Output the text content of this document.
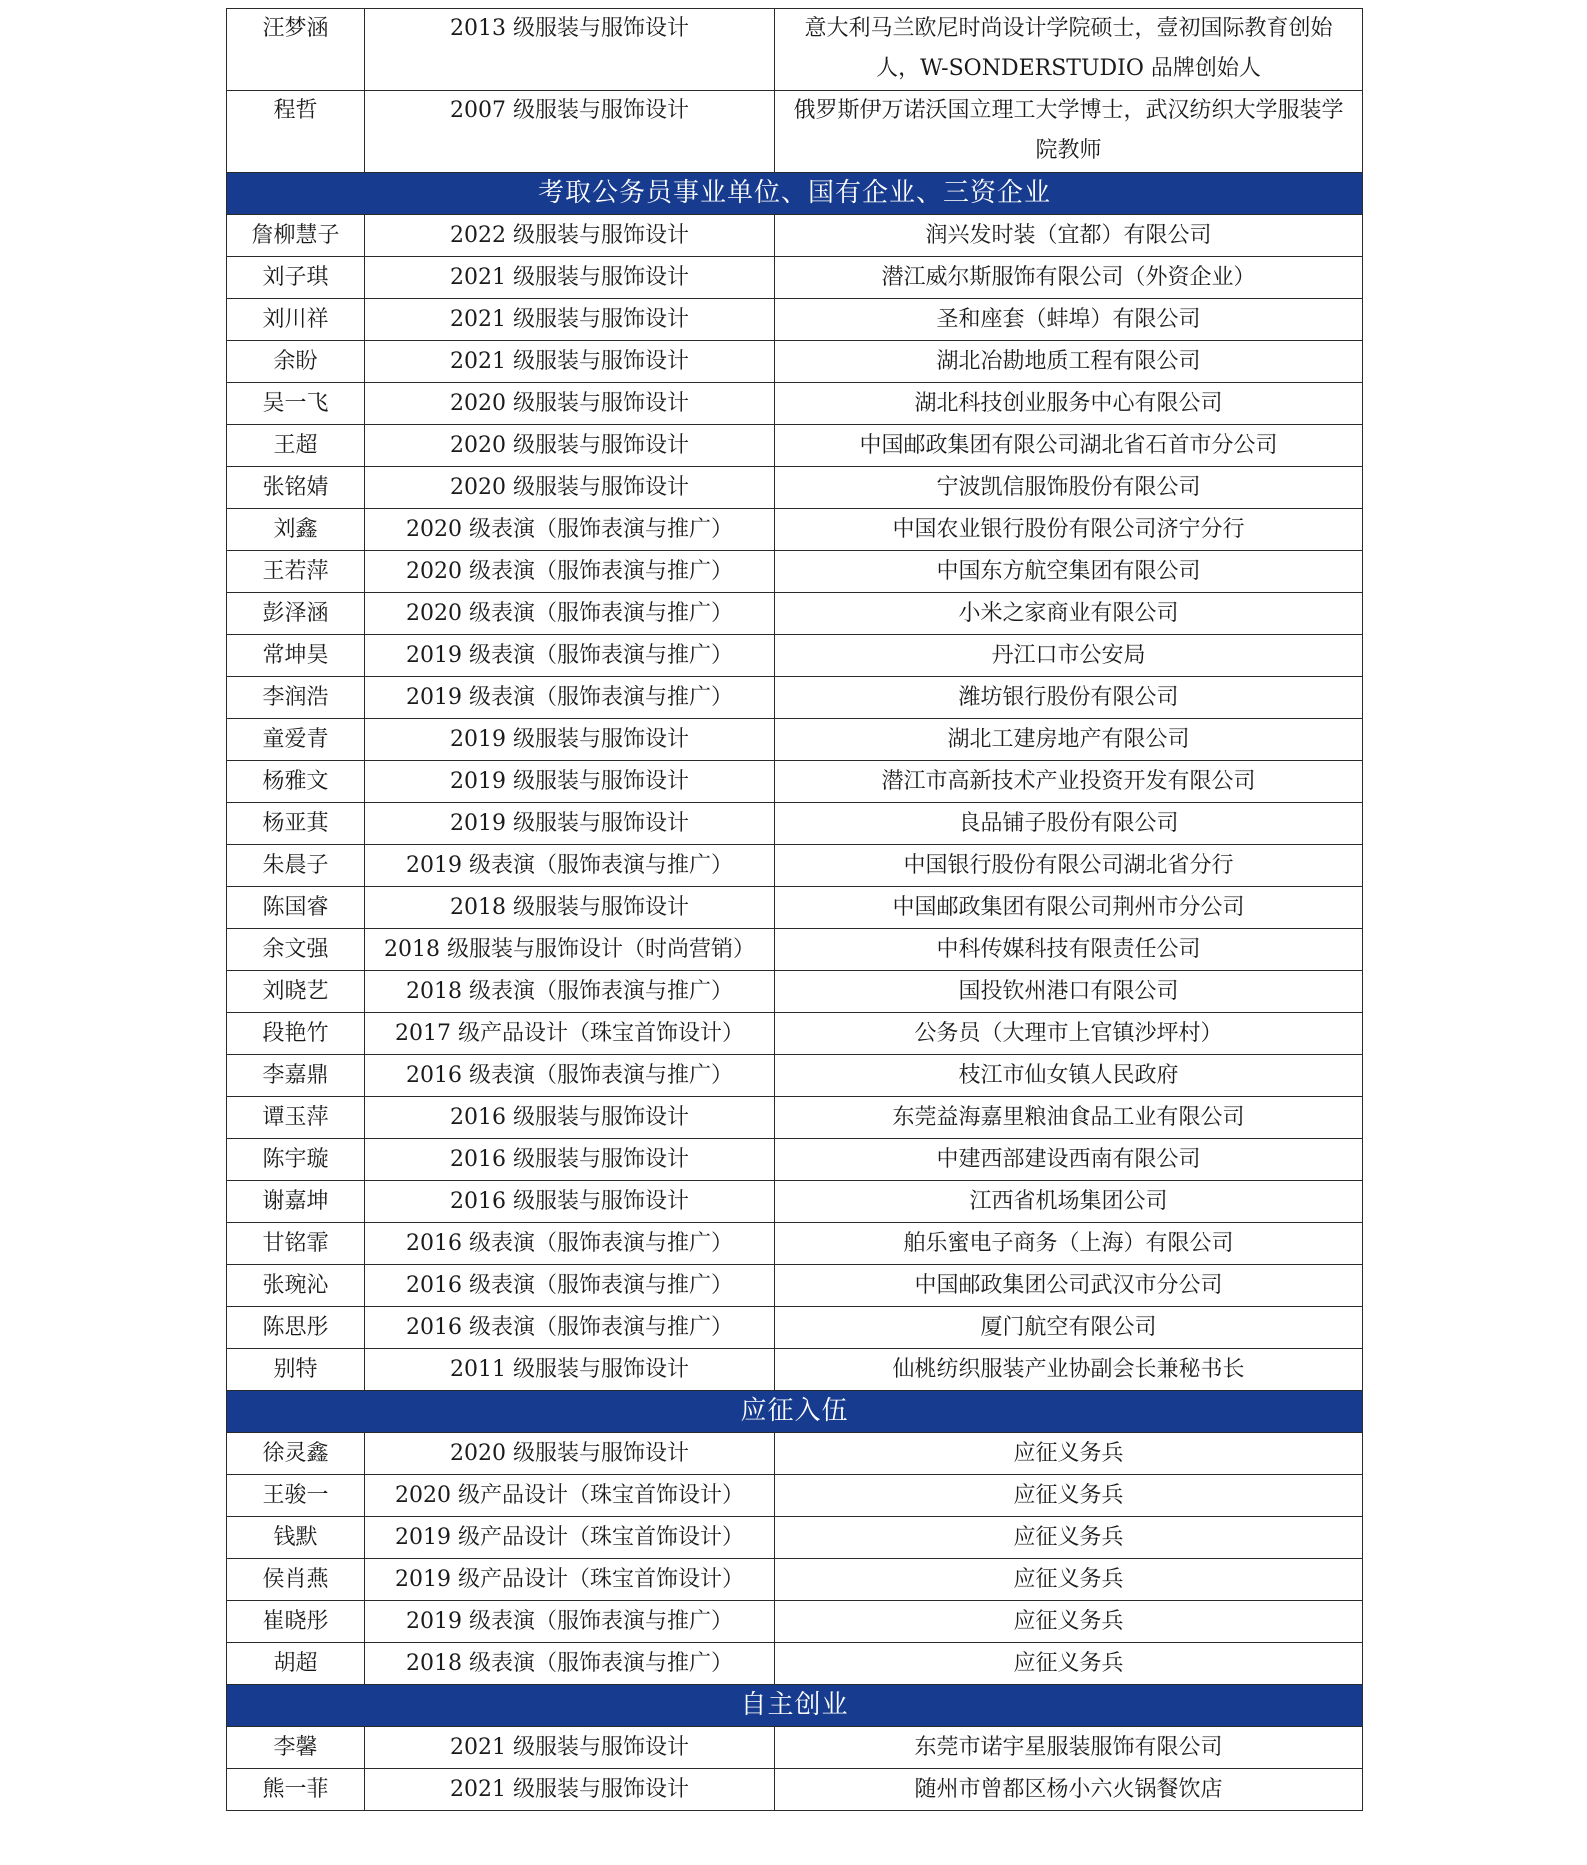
汪梦涵	2013 级服装与服饰设计	意大利马兰欧尼时尚设计学院硕士，壹初国际教育创始人，W-SONDERSTUDIO 品牌创始人
程哲	2007 级服装与服饰设计	俄罗斯伊万诺沃国立理工大学博士，武汉纺织大学服装学院教师
考取公务员事业单位、国有企业、三资企业		
詹柳慧子	2022 级服装与服饰设计	润兴发时装（宜都）有限公司
刘子琪	2021 级服装与服饰设计	潜江威尔斯服饰有限公司（外资企业）
刘川祥	2021 级服装与服饰设计	圣和座套（蚌埠）有限公司
余盼	2021 级服装与服饰设计	湖北冶勘地质工程有限公司
吴一飞	2020 级服装与服饰设计	湖北科技创业服务中心有限公司
王超	2020 级服装与服饰设计	中国邮政集团有限公司湖北省石首市分公司
张铭婧	2020 级服装与服饰设计	宁波凯信服饰股份有限公司
刘鑫	2020 级表演（服饰表演与推广）	中国农业银行股份有限公司济宁分行
王若萍	2020 级表演（服饰表演与推广）	中国东方航空集团有限公司
彭泽涵	2020 级表演（服饰表演与推广）	小米之家商业有限公司
常坤昊	2019 级表演（服饰表演与推广）	丹江口市公安局
李润浩	2019 级表演（服饰表演与推广）	潍坊银行股份有限公司
童爱青	2019 级服装与服饰设计	湖北工建房地产有限公司
杨雅文	2019 级服装与服饰设计	潜江市高新技术产业投资开发有限公司
杨亚萁	2019 级服装与服饰设计	良品铺子股份有限公司
朱晨子	2019 级表演（服饰表演与推广）	中国银行股份有限公司湖北省分行
陈国睿	2018 级服装与服饰设计	中国邮政集团有限公司荆州市分公司
余文强	2018 级服装与服饰设计（时尚营销）	中科传媒科技有限责任公司
刘晓艺	2018 级表演（服饰表演与推广）	国投钦州港口有限公司
段艳竹	2017 级产品设计（珠宝首饰设计）	公务员（大理市上官镇沙坪村）
李嘉鼎	2016 级表演（服饰表演与推广）	枝江市仙女镇人民政府
谭玉萍	2016 级服装与服饰设计	东莞益海嘉里粮油食品工业有限公司
陈宇璇	2016 级服装与服饰设计	中建西部建设西南有限公司
谢嘉坤	2016 级服装与服饰设计	江西省机场集团公司
甘铭霏	2016 级表演（服饰表演与推广）	舶乐蜜电子商务（上海）有限公司
张琬沁	2016 级表演（服饰表演与推广）	中国邮政集团公司武汉市分公司
陈思彤	2016 级表演（服饰表演与推广）	厦门航空有限公司
别特	2011 级服装与服饰设计	仙桃纺织服装产业协副会长兼秘书长
应征入伍		
徐灵鑫	2020 级服装与服饰设计	应征义务兵
王骏一	2020 级产品设计（珠宝首饰设计）	应征义务兵
钱默	2019 级产品设计（珠宝首饰设计）	应征义务兵
侯肖燕	2019 级产品设计（珠宝首饰设计）	应征义务兵
崔晓彤	2019 级表演（服饰表演与推广）	应征义务兵
胡超	2018 级表演（服饰表演与推广）	应征义务兵
自主创业		
李馨	2021 级服装与服饰设计	东莞市诺宇星服装服饰有限公司
熊一菲	2021 级服装与服饰设计	随州市曾都区杨小六火锅餐饮店
